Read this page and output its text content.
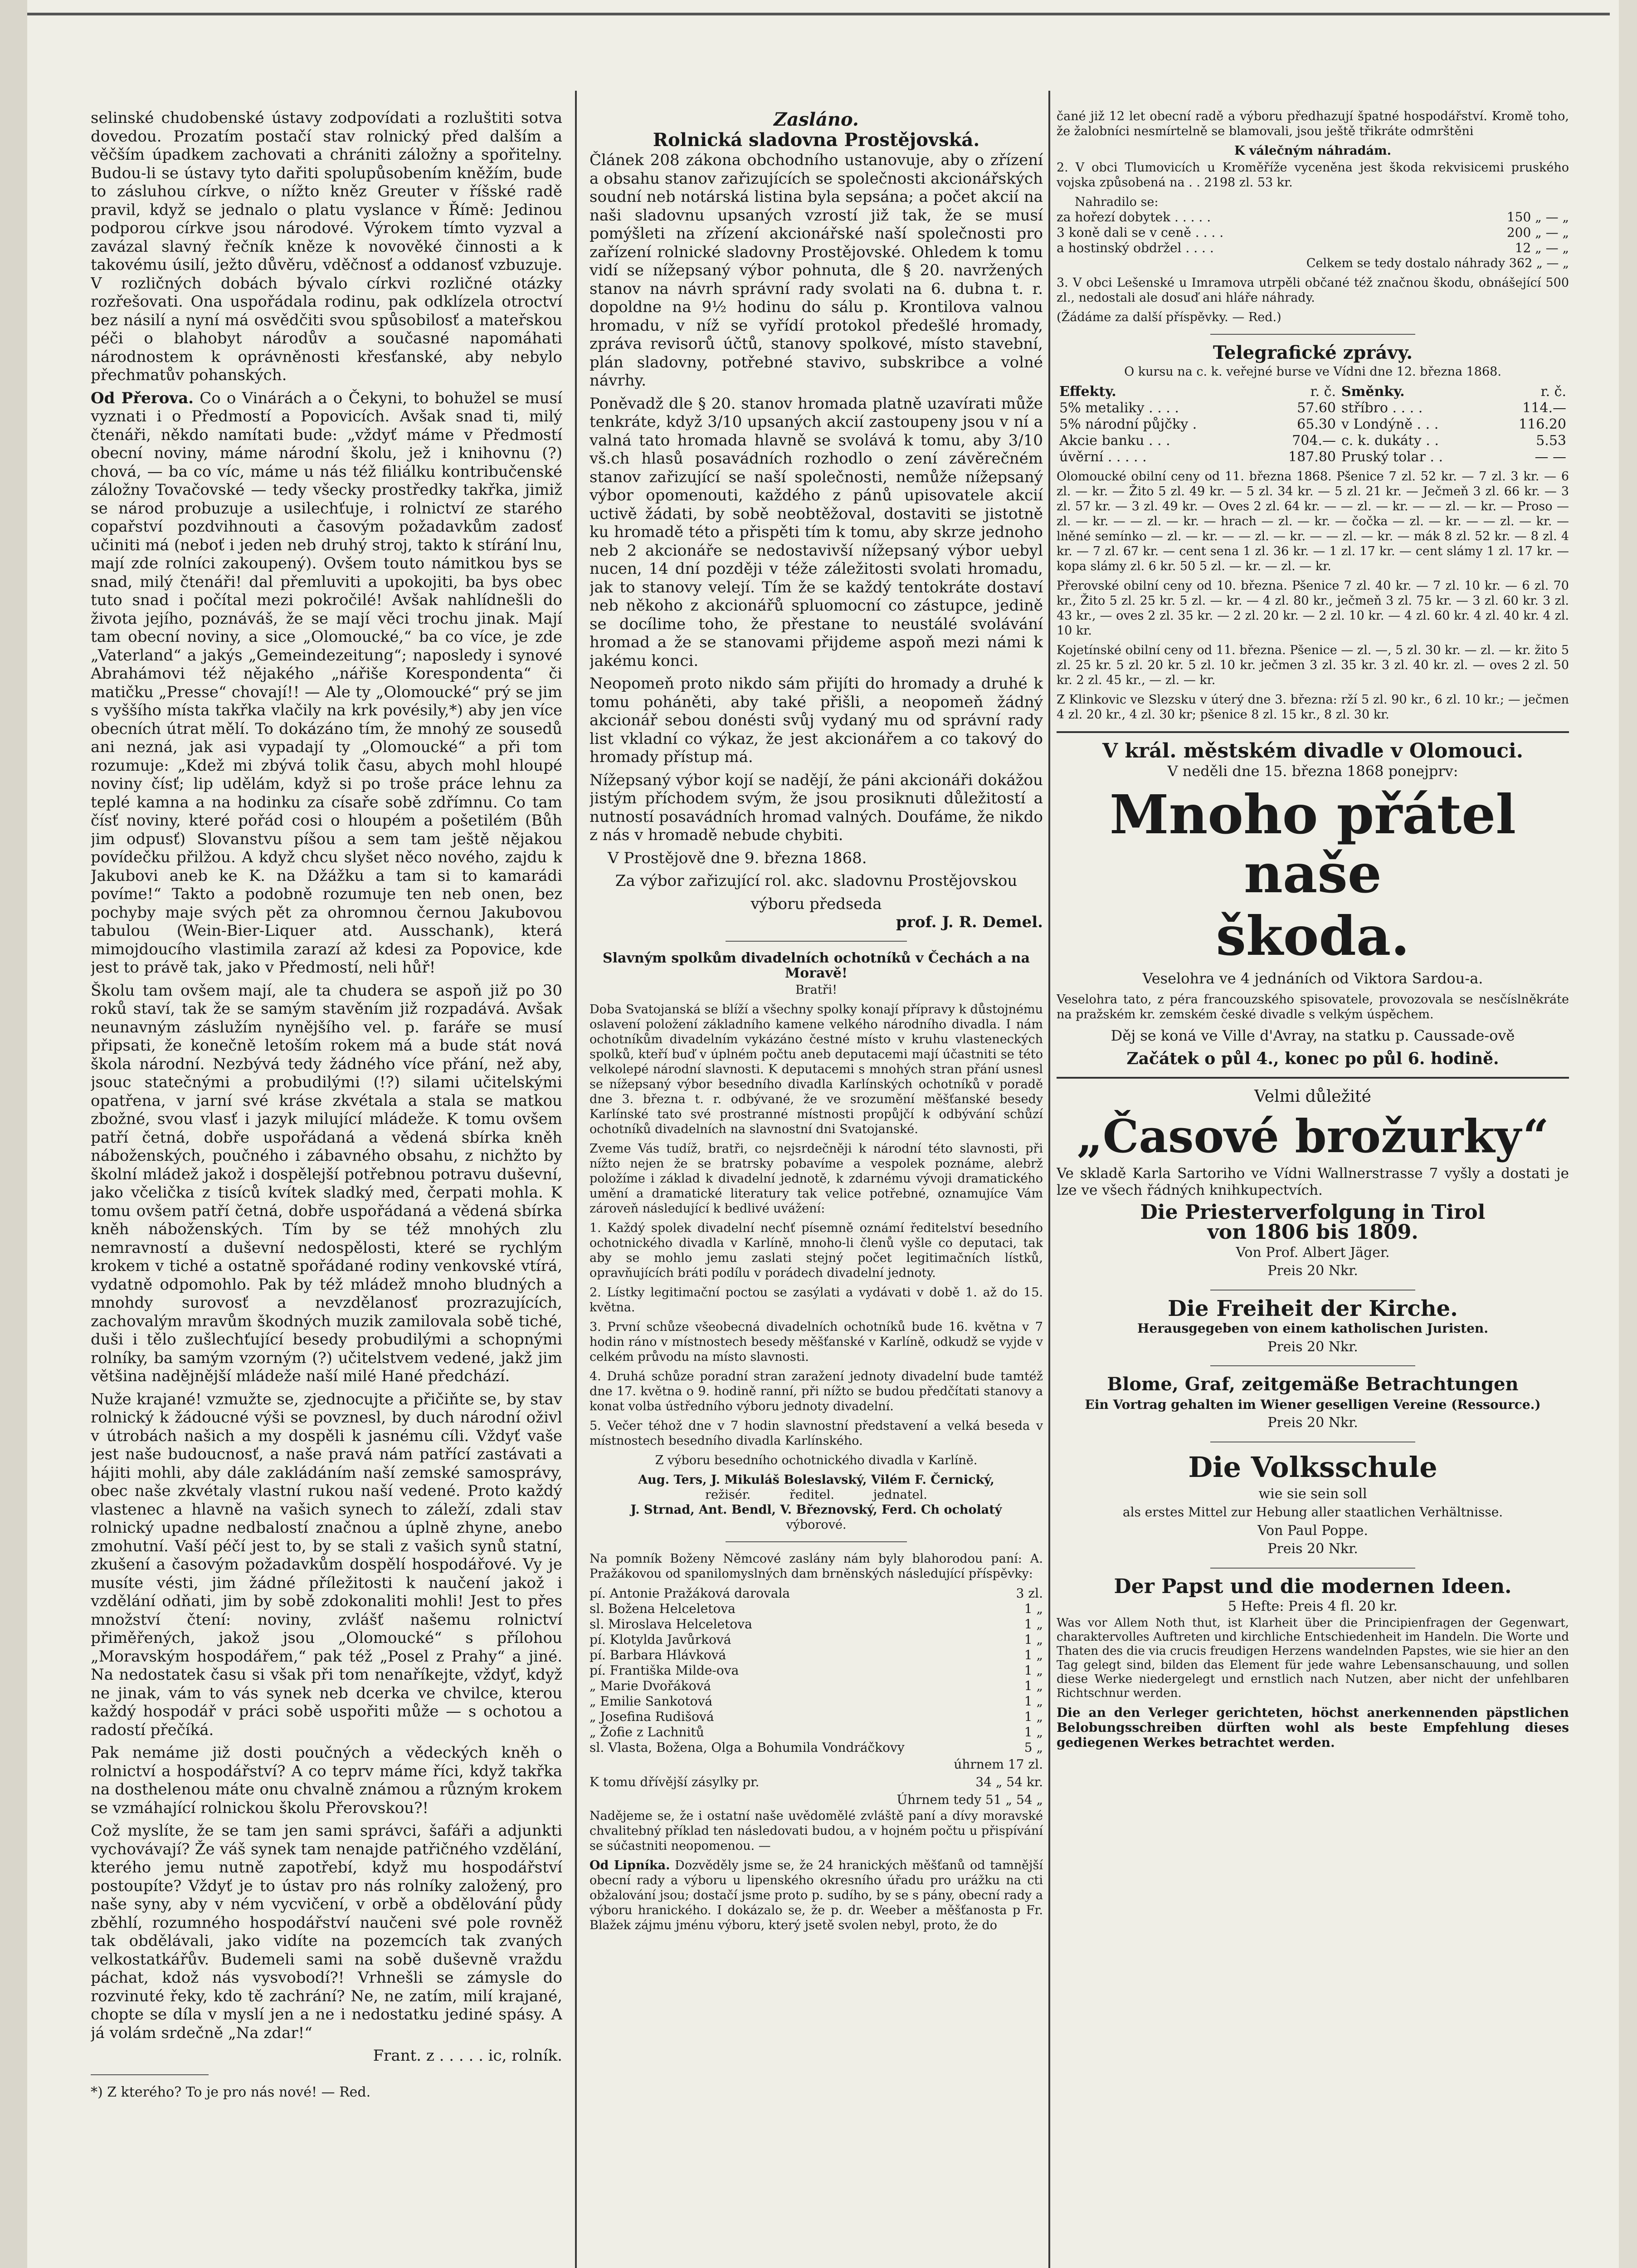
selinské chudobenské ústavy zodpovídati a rozluštiti sotva dovedou. Prozatím postačí stav rolnický před dalším a věčším úpadkem zachovati a chrániti záložny a spořitelny. Budou-li se ústavy tyto dařiti spolupůsobením kněžím, bude to zásluhou církve, o nížto kněz Greuter v říšské radě pravil, když se jednalo o platu vyslance v Římě: Jedinou podporou církve jsou národové. Výrokem tímto vyzval a zavázal slavný řečník kněze k novověké činnosti a k takovému úsilí, ježto důvěru, vděčnosť a oddanosť vzbuzuje. V rozličných dobách bývalo církvi rozličné otázky rozřešovati. Ona uspořádala rodinu, pak odklízela otroctví bez násilí a nyní má osvědčiti svou spůsobilosť a mateřskou péči o blahobyt národův a současné napomáhati národnostem k oprávněnosti křesťanské, aby nebylo přechmatův pohanských.

Od Přerova. Co o Vinárách a o Čekyni, to bohužel se musí vyznati i o Předmostí a Popovicích. Avšak snad ti, milý čtenáři, někdo namítati bude: „vždyť máme v Předmostí obecní noviny, máme národní školu, jež i knihovnu (?) chová, — ba co víc, máme u nás též filiálku kontribučenské záložny Tovačovské — tedy všecky prostředky takřka, jimiž se národ probuzuje a usilechťuje, i rolnictví ze starého copařství pozdvihnouti a časovým požadavkům zadosť učiniti má (neboť i jeden neb druhý stroj, takto k stírání lnu, mají zde rolníci zakoupený). Ovšem touto námitkou bys se snad, milý čtenáři! dal přemluviti a upokojiti, ba bys obec tuto snad i počítal mezi pokročilé! Avšak nahlídnešli do života jejího, poznáváš, že se mají věci trochu jinak. Mají tam obecní noviny, a sice „Olomoucké,“ ba co více, je zde „Vaterland“ a jakýs „Gemeindezeitung“; naposledy i synové Abrahámovi též nějakého „nářiše Korespondenta“ či matičku „Presse“ chovají!! — Ale ty „Olomoucké“ prý se jim s vyššího místa takřka vlačily na krk povésily,*) aby jen více obecních útrat mělí. To dokázáno tím, že mnohý ze sousedů ani nezná, jak asi vypadají ty „Olomoucké“ a při tom rozumuje: „Kdež mi zbývá tolik času, abych mohl hloupé noviny čísť; lip udělám, když si po troše práce lehnu za teplé kamna a na hodinku za císaře sobě zdřímnu. Co tam čísť noviny, které pořád cosi o hloupém a pošetilém (Bůh jim odpusť) Slovanstvu píšou a sem tam ještě nějakou povídečku přilžou. A když chcu slyšet něco nového, zajdu k Jakubovi aneb ke K. na Džážku a tam si to kamarádi povíme!“ Takto a podobně rozumuje ten neb onen, bez pochyby maje svých pět za ohromnou černou Jakubovou tabulou (Wein-Bier-Liquer atd. Ausschank), která mimojdoucího vlastimila zarazí až kdesi za Popovice, kde jest to právě tak, jako v Předmostí, neli hůř!

Školu tam ovšem mají, ale ta chudera se aspoň již po 30 roků staví, tak že se samým stavěním již rozpadává. Avšak neunavným záslužím nynějšího vel. p. faráře se musí připsati, že konečně letoším rokem má a bude stát nová škola národní. Nezbývá tedy žádného více přání, než aby, jsouc statečnými a probudilými (!?) silami učitelskými opatřena, v jarní své kráse zkvétala a stala se matkou zbožné, svou vlasť i jazyk milující mládeže. K tomu ovšem patří četná, dobře uspořádaná a vědená sbírka kněh náboženských, poučného i zábavného obsahu, z nichžto by školní mládež jakož i dospělejší potřebnou potravu duševní, jako včelička z tisíců kvítek sladký med, čerpati mohla. K tomu ovšem patří četná, dobře uspořádaná a vědená sbírka kněh náboženských. Tím by se též mnohých zlu nemravností a duševní nedospělosti, které se rychlým krokem v tiché a ostatně spořádané rodiny venkovské vtírá, vydatně odpomohlo. Pak by též mládež mnoho bludných a mnohdy surovosť a nevzdělanosť prozrazujících, zachovalým mravům škodných muzik zamilovala sobě tiché, duši i tělo zušlechťující besedy probudilými a schopnými rolníky, ba samým vzorným (?) učitelstvem vedené, jakž jim většina nadějnější mládeže naší milé Hané předchází.

Nuže krajané! vzmužte se, zjednocujte a přičiňte se, by stav rolnický k žádoucné výši se povznesl, by duch národní oživl v útrobách našich a my dospěli k jasnému cíli. Vždyť vaše jest naše budoucnosť, a naše pravá nám patřící zastávati a hájiti mohli, aby dále zakládáním naší zemské samosprávy, obec naše zkvétaly vlastní rukou naší vedené. Proto každý vlastenec a hlavně na vašich synech to záleží, zdali stav rolnický upadne nedbalostí značnou a úplně zhyne, anebo zmohutní. Vaší péčí jest to, by se stali z vašich synů statní, zkušení a časovým požadavkům dospělí hospodářové. Vy je musíte vésti, jim žádné příležitosti k naučení jakož i vzdělání odňati, jim by sobě zdokonaliti mohli! Jest to přes množství čtení: noviny, zvlášť našemu rolnictví přiměřených, jakož jsou „Olomoucké“ s přílohou „Moravským hospodářem,“ pak též „Posel z Prahy“ a jiné. Na nedostatek času si však při tom nenaříkejte, vždyť, když ne jinak, vám to vás synek neb dcerka ve chvilce, kterou každý hospodář v práci sobě uspořiti může — s ochotou a radostí přečíká.

Pak nemáme již dosti poučných a vědeckých kněh o rolnictví a hospodářství? A co teprv máme říci, když takřka na dosthelenou máte onu chvalně známou a různým krokem se vzmáhající rolnickou školu Přerovskou?!

Což myslíte, že se tam jen sami správci, šafáři a adjunkti vychovávají? Že váš synek tam nenajde patřičného vzdělání, kterého jemu nutně zapotřebí, když mu hospodářství postoupíte? Vždyť je to ústav pro nás rolníky založený, pro naše syny, aby v ném vycvičení, v orbě a obdělování půdy zběhlí, rozumného hospodářství naučeni své pole rovněž tak obdělávali, jako vidíte na pozemcích tak zvaných velkostatkářův. Budemeli sami na sobě duševně vraždu páchat, kdož nás vysvobodí?! Vrhnešli se zámysle do rozvinuté řeky, kdo tě zachrání? Ne, ne zatím, milí krajané, chopte se díla v myslí jen a ne i nedostatku jediné spásy. A já volám srdečně „Na zdar!“

Frant. z . . . . . ic, rolník.

*) Z kterého? To je pro nás nové! — Red.

Zasláno.

Rolnická sladovna Prostějovská.

Článek 208 zákona obchodního ustanovuje, aby o zřízení a obsahu stanov zařizujících se společnosti akcionářských soudní neb notárská listina byla sepsána; a počet akcií na naši sladovnu upsaných vzrostí již tak, že se musí pomýšleti na zřízení akcionářské naší společnosti pro zařízení rolnické sladovny Prostějovské. Ohledem k tomu vidí se nížepsaný výbor pohnuta, dle § 20. navržených stanov na návrh správní rady svolati na 6. dubna t. r. dopoldne na 9½ hodinu do sálu p. Krontilova valnou hromadu, v níž se vyřídí protokol předešlé hromady, zpráva revisorů účtů, stanovy spolkové, místo stavební, plán sladovny, potřebné stavivo, subskribce a volné návrhy.

Poněvadž dle § 20. stanov hromada platně uzavírati může tenkráte, když 3/10 upsaných akcií zastoupeny jsou v ní a valná tato hromada hlavně se svolává k tomu, aby 3/10 vš.ch hlasů posavádních rozhodlo o zení závěrečném stanov zařizující se naší společnosti, nemůže nížepsaný výbor opomenouti, každého z pánů upisovatele akcií uctivě žádati, by sobě neobtěžoval, dostaviti se jistotně ku hromadě této a přispěti tím k tomu, aby skrze jednoho neb 2 akcionáře se nedostavivší nížepsaný výbor uebyl nucen, 14 dní později v téže záležitosti svolati hromadu, jak to stanovy velejí. Tím že se každý tentokráte dostaví neb někoho z akcionářů spluomocní co zástupce, jedině se docílime toho, že přestane to neustálé svolávání hromad a že se stanovami přijdeme aspoň mezi námi k jakému konci.

Neopomeň proto nikdo sám přijíti do hromady a druhé k tomu poháněti, aby také přišli, a neopomeň žádný akcionář sebou donésti svůj vydaný mu od správní rady list vkladní co výkaz, že jest akcionářem a co takový do hromady přístup má.

Nížepsaný výbor kojí se nadějí, že páni akcionáři dokážou jistým příchodem svým, že jsou prosiknuti důležitostí a nutností posavádních hromad valných. Doufáme, že nikdo z nás v hromadě nebude chybiti.

V Prostějově dne 9. března 1868.

Za výbor zařizující rol. akc. sladovnu Prostějovskou

výboru předseda

prof. J. R. Demel.

Slavným spolkům divadelních ochotníků v Čechách a na Moravě!

Bratři!

Doba Svatojanská se blíží a všechny spolky konají přípravy k důstojnému oslavení položení základního kamene velkého národního divadla. I nám ochotníkům divadelním vykázáno čestné místo v kruhu vlasteneckých spolků, kteří buď v úplném počtu aneb deputacemi mají účastniti se této velkolepé národní slavnosti. K deputacemi s mnohých stran přání usnesl se nížepsaný výbor besedního divadla Karlínských ochotníků v poradě dne 3. března t. r. odbývané, že ve srozumění měšťanské besedy Karlínské tato své prostranné místnosti propůjčí k odbývání schůzí ochotníků divadelních na slavnostní dni Svatojanské.

Zveme Vás tudíž, bratři, co nejsrdečněji k národní této slavnosti, při nížto nejen že se bratrsky pobavíme a vespolek poznáme, alebrž položíme i základ k divadelní jednotě, k zdarnému vývoji dramatického umění a dramatické literatury tak velice potřebné, oznamujíce Vám zároveň následující k bedlivé uvážení:

1. Každý spolek divadelní nechť písemně oznámí ředitelství besedního ochotnického divadla v Karlíně, mnoho-li členů vyšle co deputaci, tak aby se mohlo jemu zaslati stejný počet legitimačních lístků, opravňujících bráti podílu v porádech divadelní jednoty.

2. Lístky legitimační poctou se zasýlati a vydávati v době 1. až do 15. května.

3. První schůze všeobecná divadelních ochotníků bude 16. května v 7 hodin ráno v místnostech besedy měšťanské v Karlíně, odkudž se vyjde v celkém průvodu na místo slavnosti.

4. Druhá schůze poradní stran zaražení jednoty divadelní bude tamtéž dne 17. května o 9. hodině ranní, při nížto se budou předčítati stanovy a konat volba ústředního výboru jednoty divadelní.

5. Večer téhož dne v 7 hodin slavnostní představení a velká beseda v místnostech besedního divadla Karlínského.

Z výboru besedního ochotnického divadla v Karlíně.

Aug. Ters, J. Mikuláš Boleslavský, Vilém F. Černický,

režisér.          ředitel.          jednatel.

J. Strnad, Ant. Bendl, V. Březnovský, Ferd. Ch ocholatý

výborové.

Na pomník Boženy Němcové zaslány nám byly blahorodou paní: A. Pražákovou od spanilomyslných dam brněnských následující příspěvky:

pí. Antonie Pražáková darovala	3 zl.
sl. Božena Helceletova	1 „
sl. Miroslava Helceletova	1 „
pí. Klotylda Javůrková	1 „
pí. Barbara Hlávková	1 „
pí. Františka Milde-ova	1 „
„ Marie Dvořáková	1 „
„ Emilie Sankotová	1 „
„ Josefina Rudišová	1 „
„ Žofie z Lachnitů	1 „
sl. Vlasta, Božena, Olga a Bohumila Vondráčkovy	5 „
úhrnem 17 zl.
K tomu dřívější zásylky pr.	34 „ 54 kr.
Úhrnem tedy 51 „ 54 „

Nadějeme se, že i ostatní naše uvědomělé zvláště paní a dívy moravské chvalitebný příklad ten následovati budou, a v hojném počtu u přispívání se súčastniti neopomenou. —

Od Lipníka. Dozvěděly jsme se, že 24 hranických měšťanů od tamnější obecní rady a výboru u lipenského okresního úřadu pro urážku na cti obžalování jsou; dostačí jsme proto p. sudího, by se s pány, obecní rady a výboru hranického. I dokázalo se, že p. dr. Weeber a měšťanosta p Fr. Blažek zájmu jménu výboru, který jsetě svolen nebyl, proto, že do

čané již 12 let obecní radě a výboru předhazují špatné hospodářství. Kromě toho, že žalobníci nesmírtelně se blamovali, jsou ještě třikráte odmrštěni

K válečným náhradám.

2. V obci Tlumovicích u Kroměříže vyceněna jest škoda rekvisicemi pruského vojska způsobená na . . 2198 zl. 53 kr.

Nahradilo se:

za hořezí dobytek . . . . .	150 „ — „
3 koně dali se v ceně . . . .	200 „ — „
a hostinský obdržel . . . .	12 „ — „

Celkem se tedy dostalo náhrady 362 „ — „

3. V obci Lešenské u Imramova utrpěli občané též značnou škodu, obnášející 500 zl., nedostali ale dosuď ani hláře náhrady.

(Žádáme za další příspěvky. — Red.)

Telegrafické zprávy.

O kursu na c. k. veřejné burse ve Vídni dne 12. března 1868.

Effekty.	r. č.	Směnky.	r. č.
5% metaliky . . . .	57.60	stříbro . . . .	114.—
5% národní půjčky .	65.30	v Londýně . . .	116.20
Akcie banku . . .	704.—	c. k. dukáty . .	5.53
úvěrní . . . . .	187.80	Pruský tolar . .	— —

Olomoucké obilní ceny od 11. března 1868. Pšenice 7 zl. 52 kr. — 7 zl. 3 kr. — 6 zl. — kr. — Žito 5 zl. 49 kr. — 5 zl. 34 kr. — 5 zl. 21 kr. — Ječmeň 3 zl. 66 kr. — 3 zl. 57 kr. — 3 zl. 49 kr. — Oves 2 zl. 64 kr. — — zl. — kr. — — zl. — kr. — Proso — zl. — kr. — — zl. — kr. — hrach — zl. — kr. — čočka — zl. — kr. — — zl. — kr. — lněné semínko — zl. — kr. — — zl. — kr. — — zl. — kr. — mák 8 zl. 52 kr. — 8 zl. 4 kr. — 7 zl. 67 kr. — cent sena 1 zl. 36 kr. — 1 zl. 17 kr. — cent slámy 1 zl. 17 kr. — kopa slámy zl. 6 kr. 50 5 zl. — kr. — zl. — kr.

Přerovské obilní ceny od 10. března. Pšenice 7 zl. 40 kr. — 7 zl. 10 kr. — 6 zl. 70 kr., Žito 5 zl. 25 kr. 5 zl. — kr. — 4 zl. 80 kr., ječmeň 3 zl. 75 kr. — 3 zl. 60 kr. 3 zl. 43 kr., — oves 2 zl. 35 kr. — 2 zl. 20 kr. — 2 zl. 10 kr. — 4 zl. 60 kr. 4 zl. 40 kr. 4 zl. 10 kr.

Kojetínské obilní ceny od 11. března. Pšenice — zl. —, 5 zl. 30 kr. — zl. — kr. žito 5 zl. 25 kr. 5 zl. 20 kr. 5 zl. 10 kr. ječmen 3 zl. 35 kr. 3 zl. 40 kr. zl. — oves 2 zl. 50 kr. 2 zl. 45 kr., — zl. — kr.

Z Klinkovic ve Slezsku v úterý dne 3. března: rží 5 zl. 90 kr., 6 zl. 10 kr.; — ječmen 4 zl. 20 kr., 4 zl. 30 kr; pšenice 8 zl. 15 kr., 8 zl. 30 kr.

V král. městském divadle v Olomouci.

V neděli dne 15. března 1868 ponejprv:

Mnoho přátel naše

škoda.

Veselohra ve 4 jednáních od Viktora Sardou-a.

Veselohra tato, z péra francouzského spisovatele, provozovala se nesčíslněkráte na pražském kr. zemském české divadle s velkým úspěchem.

Děj se koná ve Ville d'Avray, na statku p. Caussade-ově

Začátek o půl 4., konec po půl 6. hodině.

Velmi důležité

„Časové brožurky“

Ve skladě Karla Sartoriho ve Vídni Wallnerstrasse 7 vyšly a dostati je lze ve všech řádných knihkupectvích.

Die Priesterverfolgung in Tirol

von 1806 bis 1809.

Von Prof. Albert Jäger.

Preis 20 Nkr.

Die Freiheit der Kirche.

Herausgegeben von einem katholischen Juristen.

Preis 20 Nkr.

Blome, Graf, zeitgemäße Betrachtungen

Ein Vortrag gehalten im Wiener geselligen Vereine (Ressource.)

Preis 20 Nkr.

Die Volksschule

wie sie sein soll

als erstes Mittel zur Hebung aller staatlichen Verhältnisse.

Von Paul Poppe.

Preis 20 Nkr.

Der Papst und die modernen Ideen.

5 Hefte: Preis 4 fl. 20 kr.

Was vor Allem Noth thut, ist Klarheit über die Principienfragen der Gegenwart, charaktervolles Auftreten und kirchliche Entschiedenheit im Handeln. Die Worte und Thaten des die via crucis freudigen Herzens wandelnden Papstes, wie sie hier an den Tag gelegt sind, bilden das Element für jede wahre Lebensanschauung, und sollen diese Werke niedergelegt und ernstlich nach Nutzen, aber nicht der unfehlbaren Richtschnur werden.

Die an den Verleger gerichteten, höchst anerkennenden päpstlichen Belobungsschreiben dürften wohl als beste Empfehlung dieses gediegenen Werkes betrachtet werden.
